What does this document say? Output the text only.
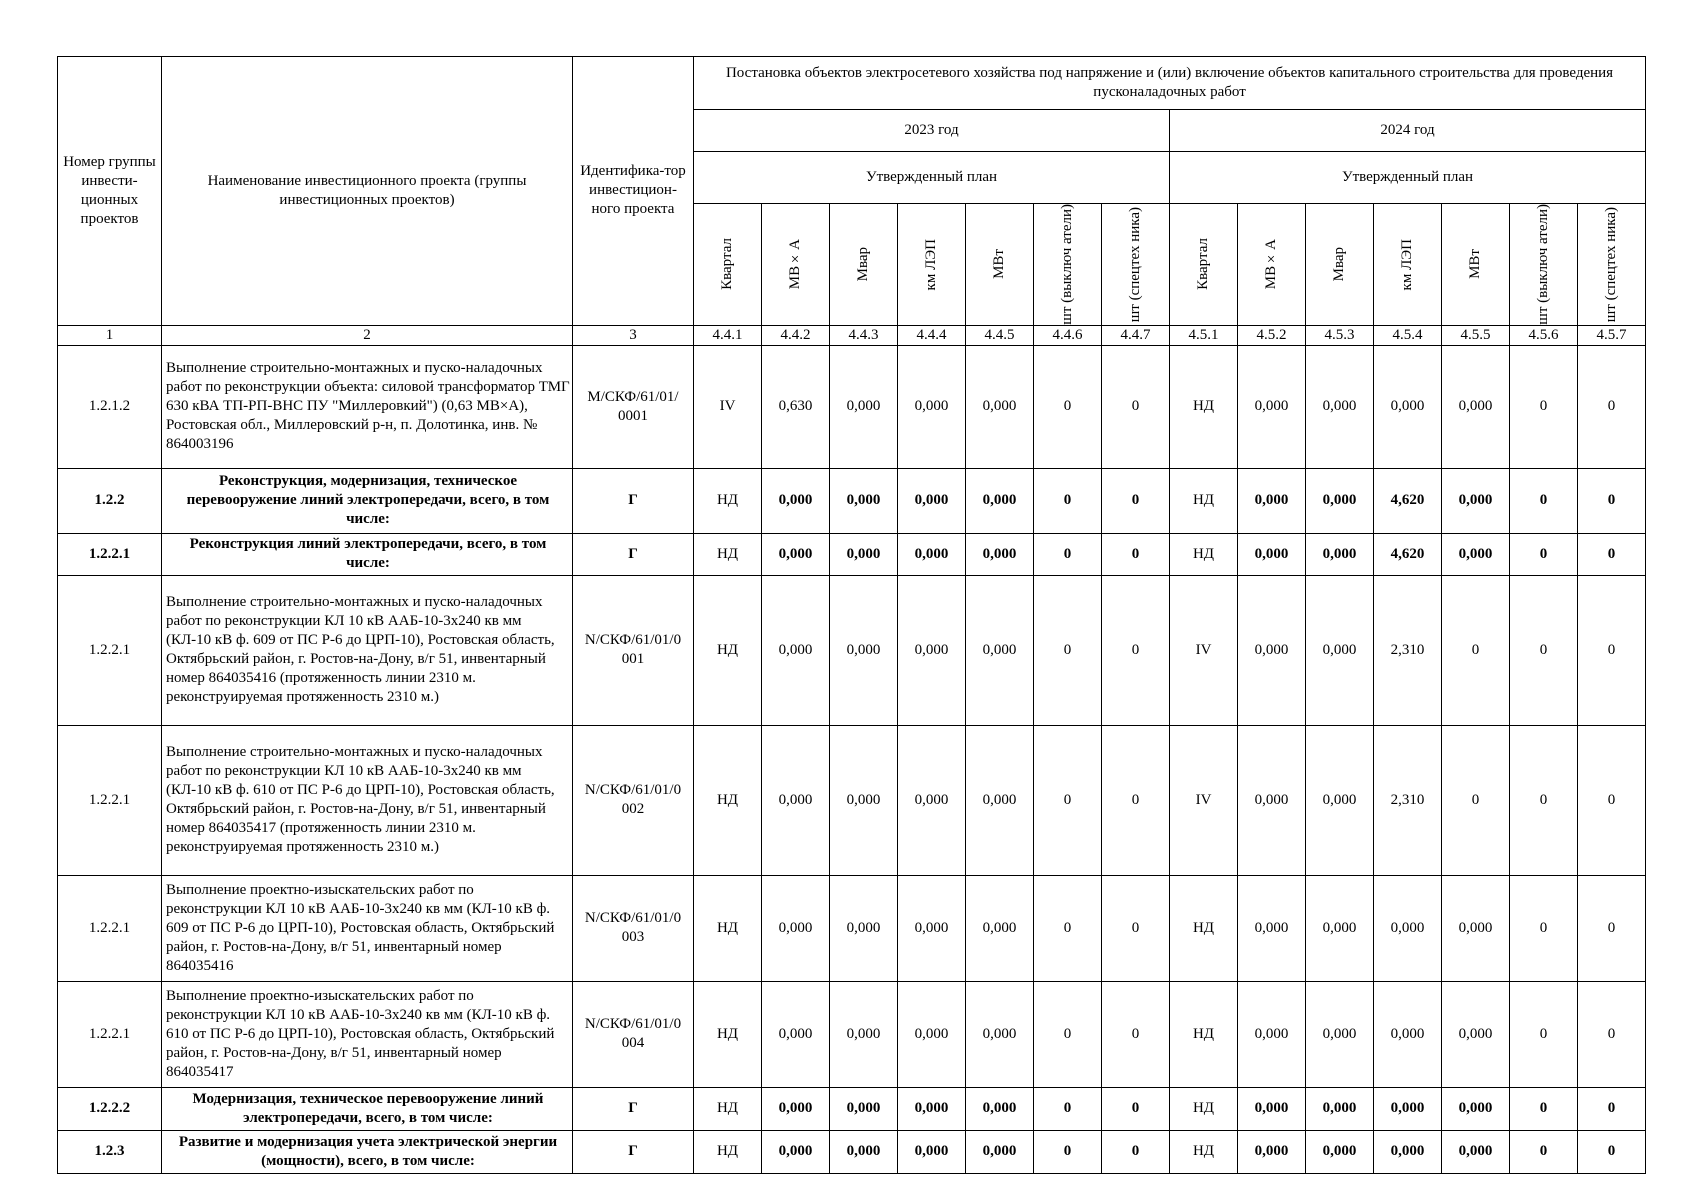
Номер группы инвести-ционных проектов	Наименование инвестиционного проекта (группы инвестиционных проектов)	Идентифика-тор инвестицион-ного проекта	Постановка объектов электросетевого хозяйства под напряжение и (или) включение объектов капитального строительства для проведения пусконаладочных работ													
			2023 год							2024 год						
			Утвержденный план							Утвержденный план						

			Квартал	МВ×А	Мвар	км ЛЭП	МВт	шт (выключ атели)	шт (спецтех ника)	Квартал	МВ×А	Мвар	км ЛЭП	МВт	шт (выключ атели)	шт (спецтех ника)

1	2	3	4.4.1	4.4.2	4.4.3	4.4.4	4.4.5	4.4.6	4.4.7	4.5.1	4.5.2	4.5.3	4.5.4	4.5.5	4.5.6	4.5.7
1.2.1.2	Выполнение строительно-монтажных и пуско-наладочных работ по реконструкции объекта: силовой трансформатор ТМГ 630 кВА ТП-РП-ВНС ПУ "Миллеровкий") (0,63 МВ×А), Ростовская обл., Миллеровский р-н, п. Долотинка, инв. № 864003196	M/СКФ/61/01/ 0001	IV	0,630	0,000	0,000	0,000	0	0	НД	0,000	0,000	0,000	0,000	0	0
1.2.2	Реконструкция, модернизация, техническое перевооружение линий электропередачи, всего, в том числе:	Г	НД	0,000	0,000	0,000	0,000	0	0	НД	0,000	0,000	4,620	0,000	0	0
1.2.2.1	Реконструкция линий электропередачи, всего, в том числе:	Г	НД	0,000	0,000	0,000	0,000	0	0	НД	0,000	0,000	4,620	0,000	0	0
1.2.2.1	Выполнение строительно-монтажных и пуско-наладочных работ по реконструкции КЛ 10 кВ ААБ-10-3х240 кв мм (КЛ-10 кВ ф. 609 от ПС Р-6 до ЦРП-10), Ростовская область, Октябрьский район, г. Ростов-на-Дону, в/г 51, инвентарный номер 864035416 (протяженность линии 2310 м. реконструируемая протяженность 2310 м.)	N/СКФ/61/01/0 001	НД	0,000	0,000	0,000	0,000	0	0	IV	0,000	0,000	2,310	0	0	0
1.2.2.1	Выполнение строительно-монтажных и пуско-наладочных работ по реконструкции КЛ 10 кВ ААБ-10-3х240 кв мм (КЛ-10 кВ ф. 610 от ПС Р-6 до ЦРП-10), Ростовская область, Октябрьский район, г. Ростов-на-Дону, в/г 51, инвентарный номер 864035417 (протяженность линии 2310 м. реконструируемая протяженность 2310 м.)	N/СКФ/61/01/0 002	НД	0,000	0,000	0,000	0,000	0	0	IV	0,000	0,000	2,310	0	0	0
1.2.2.1	Выполнение проектно-изыскательских работ по реконструкции КЛ 10 кВ ААБ-10-3х240 кв мм (КЛ-10 кВ ф. 609 от ПС Р-6 до ЦРП-10), Ростовская область, Октябрьский район, г. Ростов-на-Дону, в/г 51, инвентарный номер 864035416	N/СКФ/61/01/0 003	НД	0,000	0,000	0,000	0,000	0	0	НД	0,000	0,000	0,000	0,000	0	0
1.2.2.1	Выполнение проектно-изыскательских работ по реконструкции КЛ 10 кВ ААБ-10-3х240 кв мм (КЛ-10 кВ ф. 610 от ПС Р-6 до ЦРП-10), Ростовская область, Октябрьский район, г. Ростов-на-Дону, в/г 51, инвентарный номер 864035417	N/СКФ/61/01/0 004	НД	0,000	0,000	0,000	0,000	0	0	НД	0,000	0,000	0,000	0,000	0	0
1.2.2.2	Модернизация, техническое перевооружение линий электропередачи, всего, в том числе:	Г	НД	0,000	0,000	0,000	0,000	0	0	НД	0,000	0,000	0,000	0,000	0	0
1.2.3	Развитие и модернизация учета электрической энергии (мощности), всего, в том числе:	Г	НД	0,000	0,000	0,000	0,000	0	0	НД	0,000	0,000	0,000	0,000	0	0
